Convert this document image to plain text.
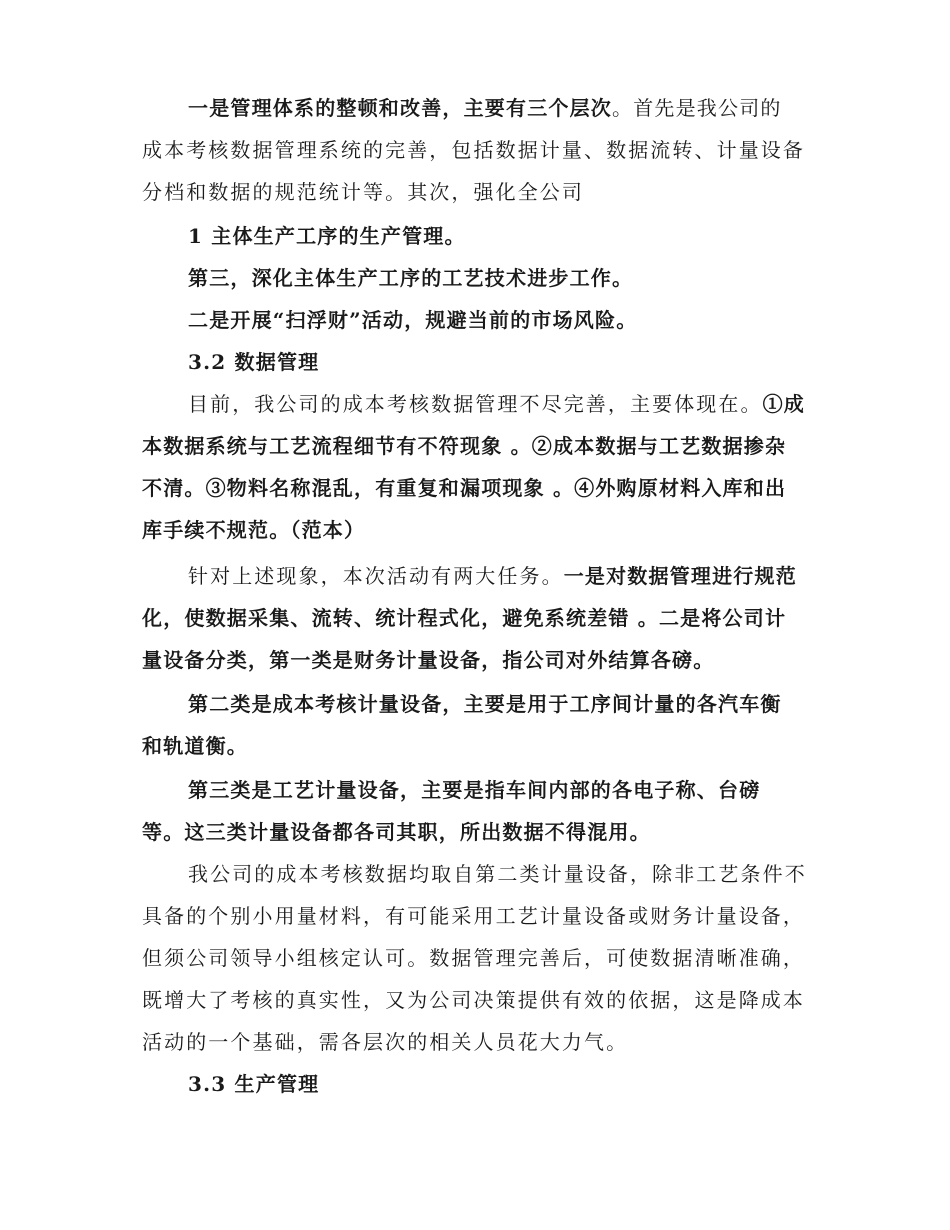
一是管理体系的整顿和改善，主要有三个层次。首先是我公司的
成本考核数据管理系统的完善，包括数据计量、数据流转、计量设备
分档和数据的规范统计等。其次，强化全公司
1 主体生产工序的生产管理。
第三，深化主体生产工序的工艺技术进步工作。
二是开展“扫浮财”活动，规避当前的市场风险。
3.2 数据管理
目前，我公司的成本考核数据管理不尽完善，主要体现在。①成
本数据系统与工艺流程细节有不符现象 。②成本数据与工艺数据掺杂
不清。③物料名称混乱，有重复和漏项现象 。④外购原材料入库和出
库手续不规范。（范本）
针对上述现象，本次活动有两大任务。一是对数据管理进行规范
化，使数据采集、流转、统计程式化，避免系统差错 。二是将公司计
量设备分类，第一类是财务计量设备，指公司对外结算各磅。
第二类是成本考核计量设备，主要是用于工序间计量的各汽车衡
和轨道衡。
第三类是工艺计量设备，主要是指车间内部的各电子称、台磅
等。这三类计量设备都各司其职，所出数据不得混用。
我公司的成本考核数据均取自第二类计量设备，除非工艺条件不
具备的个别小用量材料，有可能采用工艺计量设备或财务计量设备，
但须公司领导小组核定认可。数据管理完善后，可使数据清晰准确，
既增大了考核的真实性，又为公司决策提供有效的依据，这是降成本
活动的一个基础，需各层次的相关人员花大力气。
3.3 生产管理
